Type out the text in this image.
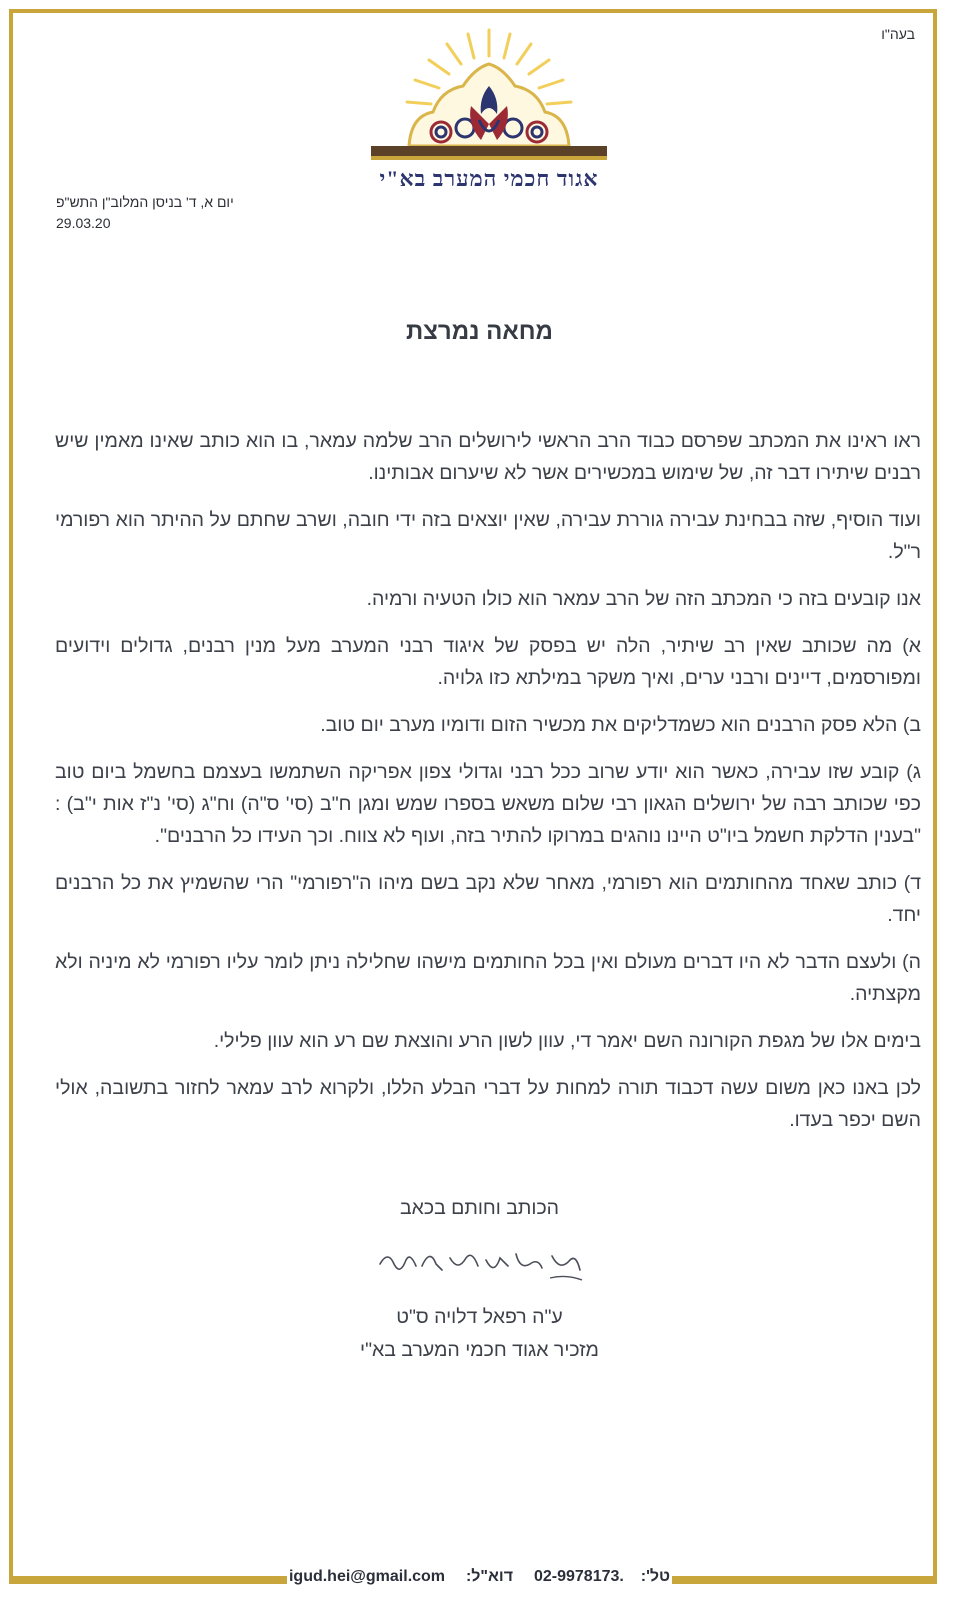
בעה"ו
אגוד חכמי המערב בא"י
יום א, ד' בניסן המלוב"ן התש"פ
29.03.20
מחאה נמרצת

ראו ראינו את המכתב שפרסם כבוד הרב הראשי לירושלים הרב שלמה עמאר, בו הוא כותב שאינו מאמין שיש רבנים שיתירו דבר זה, של שימוש במכשירים אשר לא שיערום אבותינו.

ועוד הוסיף, שזה בבחינת עבירה גוררת עבירה, שאין יוצאים בזה ידי חובה, ושרב שחתם על ההיתר הוא רפורמי ר"ל.

אנו קובעים בזה כי המכתב הזה של הרב עמאר הוא כולו הטעיה ורמיה.

א) מה שכותב שאין רב שיתיר, הלה יש בפסק של איגוד רבני המערב מעל מנין רבנים, גדולים וידועים ומפורסמים, דיינים ורבני ערים, ואיך משקר במילתא כזו גלויה.

ב) הלא פסק הרבנים הוא כשמדליקים את מכשיר הזום ודומיו מערב יום טוב.

ג) קובע שזו עבירה, כאשר הוא יודע שרוב ככל רבני וגדולי צפון אפריקה השתמשו בעצמם בחשמל ביום טוב כפי שכותב רבה של ירושלים הגאון רבי שלום משאש בספרו שמש ומגן ח"ב (סי' ס"ה) וח"ג (סי' נ"ז אות י"ב) : "בענין הדלקת חשמל ביו"ט היינו נוהגים במרוקו להתיר בזה, ועוף לא צווח. וכך העידו כל הרבנים".

ד) כותב שאחד מהחותמים הוא רפורמי, מאחר שלא נקב בשם מיהו ה"רפורמי" הרי שהשמיץ את כל הרבנים יחד.

ה) ולעצם הדבר לא היו דברים מעולם ואין בכל החותמים מישהו שחלילה ניתן לומר עליו רפורמי לא מיניה ולא מקצתיה.

בימים אלו של מגפת הקורונה השם יאמר די, עוון לשון הרע והוצאת שם רע הוא עוון פלילי.

לכן באנו כאן משום עשה דכבוד תורה למחות על דברי הבלע הללו, ולקרוא לרב עמאר לחזור בתשובה, אולי השם יכפר בעדו.

הכותב וחותם בכאב
ע"ה רפאל דלויה ס"ט
מזכיר אגוד חכמי המערב בא"י
igud.hei@gmail.com דוא"ל: 02-9978173. טל':
